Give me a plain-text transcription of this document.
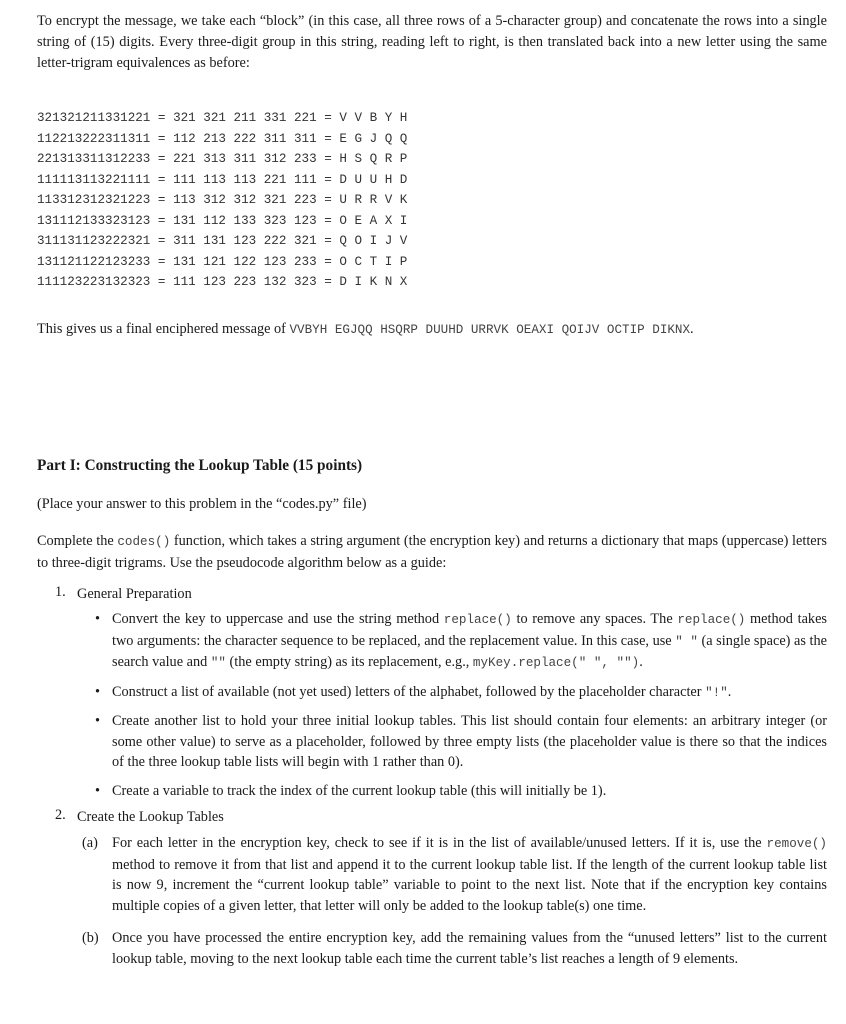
To encrypt the message, we take each “block” (in this case, all three rows of a 5-character group) and concatenate the rows into a single string of (15) digits. Every three-digit group in this string, reading left to right, is then translated back into a new letter using the same letter-trigram equivalences as before:

321321211331221 = 321 321 211 331 221 = V V B Y H
112213222311311 = 112 213 222 311 311 = E G J Q Q
221313311312233 = 221 313 311 312 233 = H S Q R P
111113113221111 = 111 113 113 221 111 = D U U H D
113312312321223 = 113 312 312 321 223 = U R R V K
131112133323123 = 131 112 133 323 123 = O E A X I
311131123222321 = 311 131 123 222 321 = Q O I J V
131121122123233 = 131 121 122 123 233 = O C T I P
111123223132323 = 111 123 223 132 323 = D I K N X

This gives us a final enciphered message of VVBYH EGJQQ HSQRP DUUHD URRVK OEAXI QOIJV OCTIP DIKNX.

Part I: Constructing the Lookup Table (15 points)

(Place your answer to this problem in the “codes.py” file)

Complete the codes() function, which takes a string argument (the encryption key) and returns a dictionary that maps (uppercase) letters to three-digit trigrams. Use the pseudocode algorithm below as a guide:

1. General Preparation
• Convert the key to uppercase and use the string method replace() to remove any spaces. The replace() method takes two arguments: the character sequence to be replaced, and the replacement value. In this case, use " " (a single space) as the search value and "" (the empty string) as its replacement, e.g., myKey.replace(" ", "").
• Construct a list of available (not yet used) letters of the alphabet, followed by the placeholder character "!".
• Create another list to hold your three initial lookup tables. This list should contain four elements: an arbitrary integer (or some other value) to serve as a placeholder, followed by three empty lists (the placeholder value is there so that the indices of the three lookup table lists will begin with 1 rather than 0).
• Create a variable to track the index of the current lookup table (this will initially be 1).
2. Create the Lookup Tables
(a) For each letter in the encryption key, check to see if it is in the list of available/unused letters. If it is, use the remove() method to remove it from that list and append it to the current lookup table list. If the length of the current lookup table list is now 9, increment the “current lookup table” variable to point to the next list. Note that if the encryption key contains multiple copies of a given letter, that letter will only be added to the lookup table(s) one time.
(b) Once you have processed the entire encryption key, add the remaining values from the “unused letters” list to the current lookup table, moving to the next lookup table each time the current table’s list reaches a length of 9 elements.
